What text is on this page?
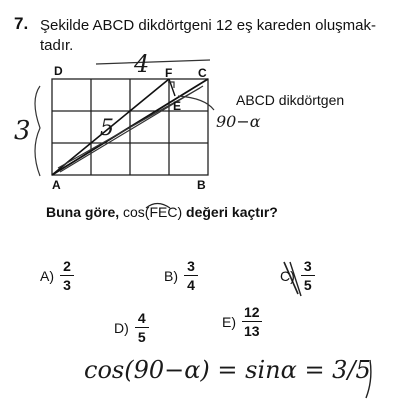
7. Şekilde ABCD dikdörtgeni 12 eş kareden oluşmak-
tadır.
D	F C
E
A	B
ABCD dikdörtgen
4
3	5	90−α
Buna göre, cos(FEC) değeri kaçtır?
$A) \frac{2}{3}$	$B) \frac{3}{4}$	$C) \frac{3}{5}$
$D) \frac{4}{5}$	$E) \frac{12}{13}$
cos(90−α) = sinα = 3/5
